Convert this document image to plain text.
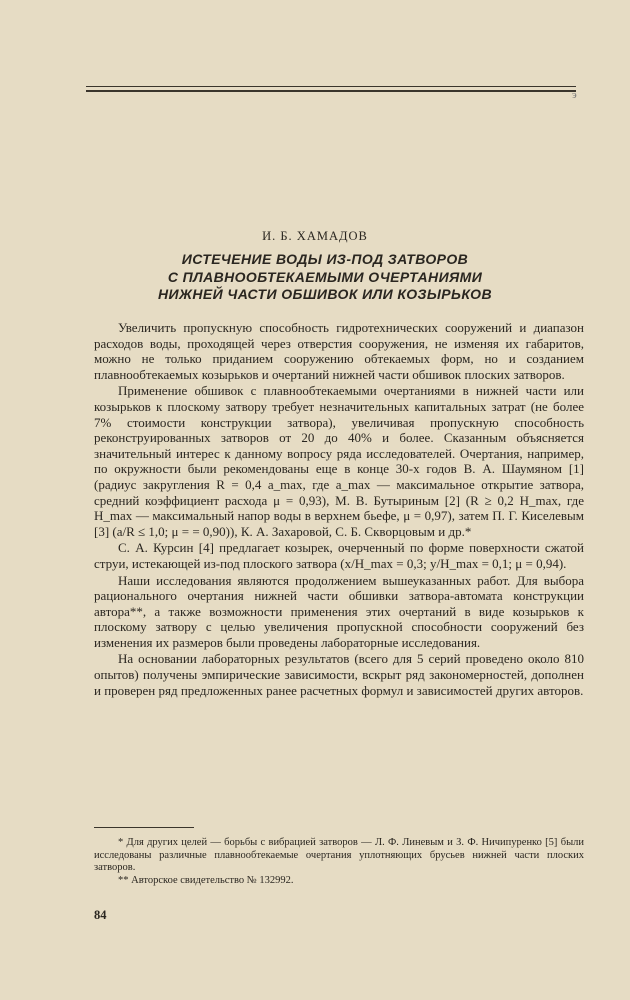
э
И. Б. ХАМАДОВ
ИСТЕЧЕНИЕ ВОДЫ ИЗ-ПОД ЗАТВОРОВ
С ПЛАВНООБТЕКАЕМЫМИ ОЧЕРТАНИЯМИ
НИЖНЕЙ ЧАСТИ ОБШИВОК ИЛИ КОЗЫРЬКОВ

Увеличить пропускную способность гидротехнических сооружений и диапазон расходов воды, проходящей через отверстия сооружения, не изменяя их габаритов, можно не только приданием сооружению обтекаемых форм, но и созданием плавнообтекаемых козырьков и очертаний нижней части обшивок плоских затворов.

Применение обшивок с плавнообтекаемыми очертаниями в нижней части или козырьков к плоскому затвору требует незначительных капитальных затрат (не более 7% стоимости конструкции затвора), увеличивая пропускную способность реконструированных затворов от 20 до 40% и более. Сказанным объясняется значительный интерес к данному вопросу ряда исследователей. Очертания, например, по окружности были рекомендованы еще в конце 30-х годов В. А. Шаумяном [1] (радиус закругления R = 0,4 a_max, где a_max — максимальное открытие затвора, средний коэффициент расхода μ = 0,93), М. В. Бутыриным [2] (R ≥ 0,2 H_max, где H_max — максимальный напор воды в верхнем бьефе, μ = 0,97), затем П. Г. Киселевым [3] (a/R ≤ 1,0; μ = = 0,90)), К. А. Захаровой, С. Б. Скворцовым и др.*

С. А. Курсин [4] предлагает козырек, очерченный по форме поверхности сжатой струи, истекающей из-под плоского затвора (x/H_max = 0,3; y/H_max = 0,1; μ = 0,94).

Наши исследования являются продолжением вышеуказанных работ. Для выбора рационального очертания нижней части обшивки затвора-автомата конструкции автора**, а также возможности применения этих очертаний в виде козырьков к плоскому затвору с целью увеличения пропускной способности сооружений без изменения их размеров были проведены лабораторные исследования.

На основании лабораторных результатов (всего для 5 серий проведено около 810 опытов) получены эмпирические зависимости, вскрыт ряд закономерностей, дополнен и проверен ряд предложенных ранее расчетных формул и зависимостей других авторов.

* Для других целей — борьбы с вибрацией затворов — Л. Ф. Линевым и З. Ф. Ничипуренко [5] были исследованы различные плавнообтекаемые очертания уплотняющих брусьев нижней части плоских затворов.

** Авторское свидетельство № 132992.

84
